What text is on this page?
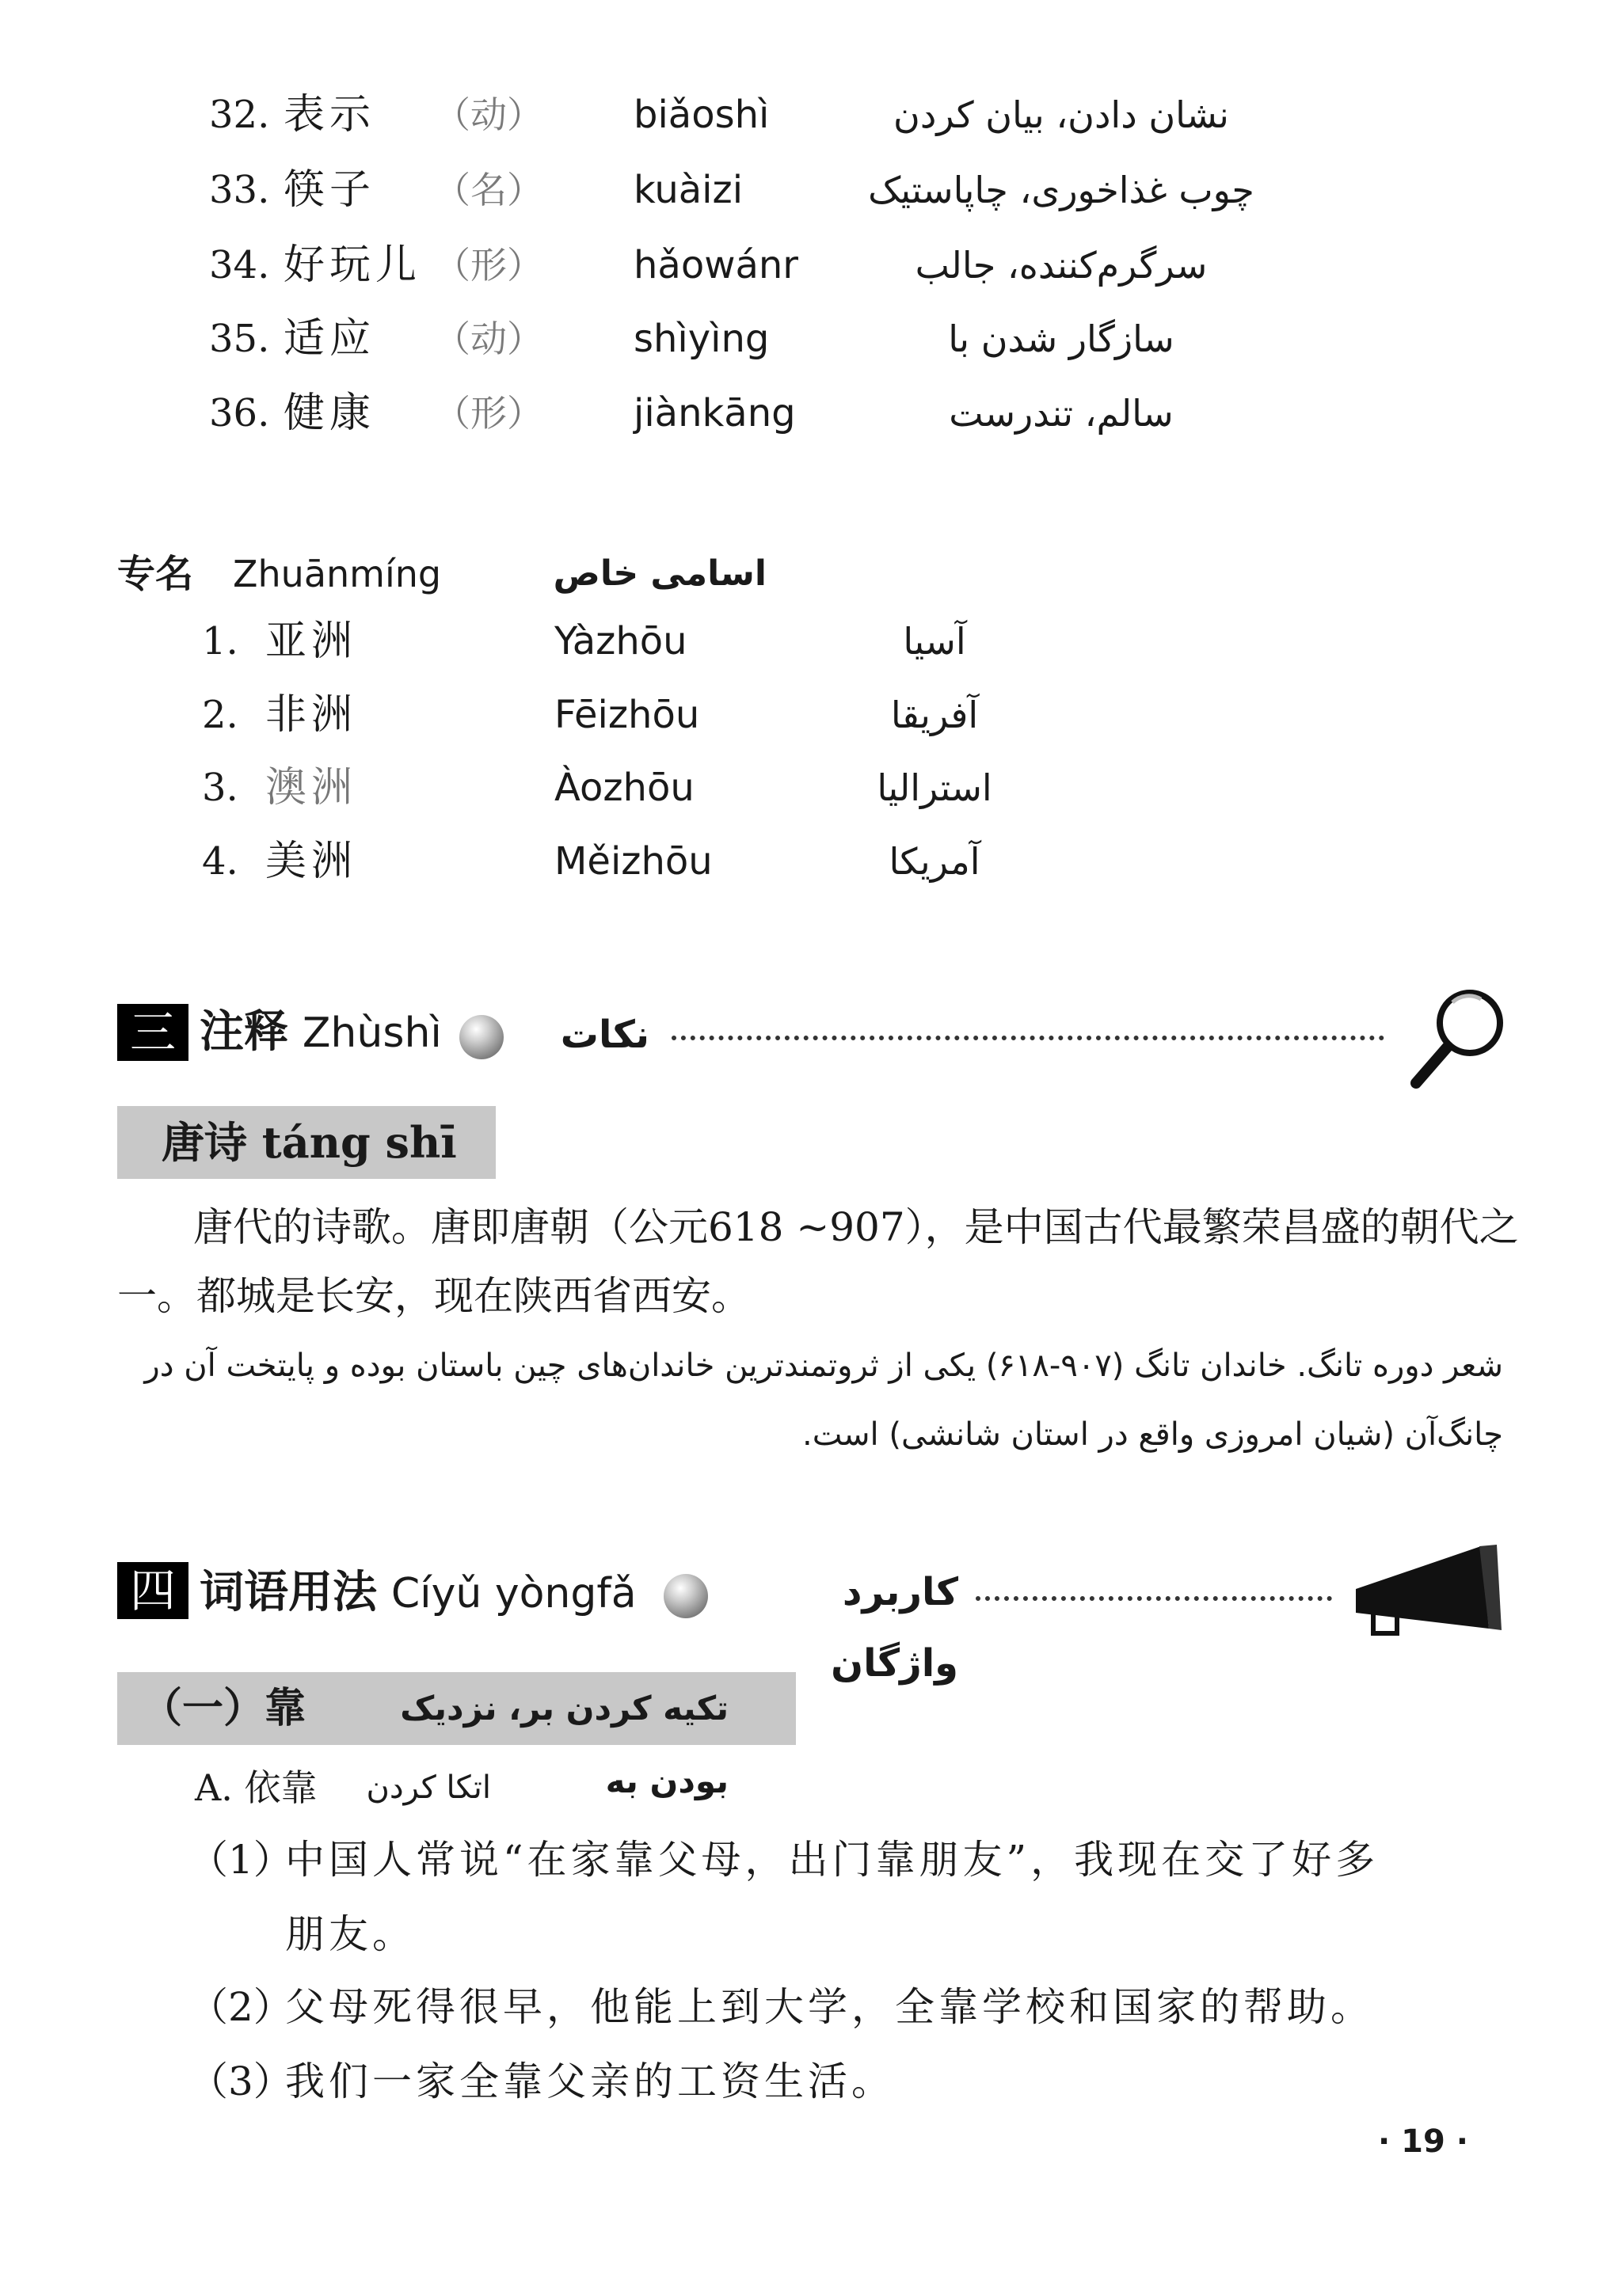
32. 表示 （动） biǎoshì	نشان دادن، بیان کردن
33. 筷子 （名） kuàizi	چوب غذاخوری، چاپاستیک
34. 好玩儿 （形） hǎowánr	سرگرم‌کننده، جالب
35. 适应 （动） shìyìng	سازگار شدن با
36. 健康 （形） jiànkāng	سالم، تندرست
专名 Zhuānmíng	اسامی خاص
1. 亚洲	Yàzhōu	آسیا
2. 非洲	Fēizhōu	آفریقا
3. 澳洲	Àozhōu	استرالیا
4. 美洲	Měizhōu	آمریکا
三 注释 Zhùshì	نکات
唐诗 táng shī
唐代的诗歌。唐即唐朝（公元618 ~907），是中国古代最繁荣昌盛的朝代之
一。都城是长安，现在陕西省西安。
شعر دوره تانگ. خاندان تانگ (۹۰۷-۶۱۸) یکی از ثروتمندترین خاندان‌های چین باستان بوده و پایتخت آن در
چانگ‌آن (شیان امروزی واقع در استان شانشی) است.
四 词语用法 Cíyǔ yòngfǎ	کاربرد واژگان
（一）靠	تکیه کردن بر، نزدیک بودن به
A. 依靠	اتکا کردن
（1）
中国人常说“在家靠父母，出门靠朋友”，我现在交了好多
朋友。
（2）
父母死得很早，他能上到大学，全靠学校和国家的帮助。
（3）
我们一家全靠父亲的工资生活。
· 19 ·
